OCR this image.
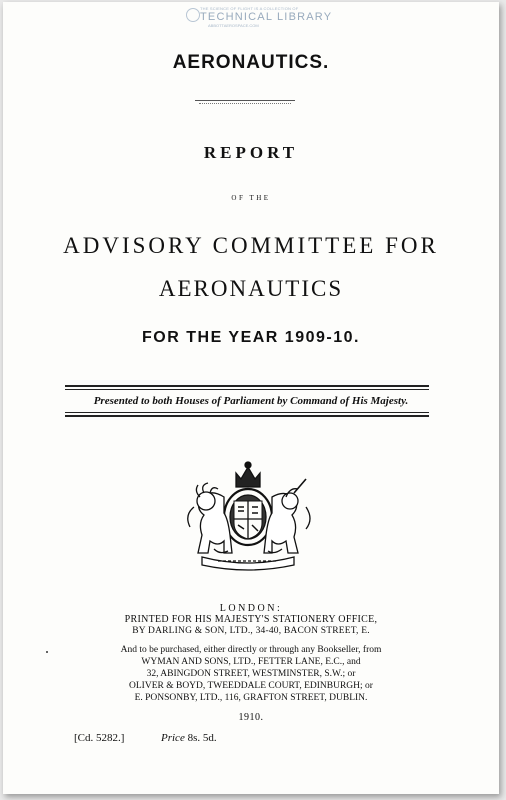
THE SCIENCE OF FLIGHT IS A COLLECTION OF
TECHNICAL LIBRARY
ABBOTTAEROSPACE.COM
AERONAUTICS.
REPORT
OF THE
ADVISORY COMMITTEE FOR
AERONAUTICS
FOR THE YEAR 1909-10.
Presented to both Houses of Parliament by Command of His Majesty.
LONDON:
PRINTED FOR HIS MAJESTY'S STATIONERY OFFICE,
BY DARLING & SON, LTD., 34-40, BACON STREET, E.
And to be purchased, either directly or through any Bookseller, from
WYMAN AND SONS, LTD., FETTER LANE, E.C., and
32, ABINGDON STREET, WESTMINSTER, S.W.; or
OLIVER & BOYD, TWEEDDALE COURT, EDINBURGH; or
E. PONSONBY, LTD., 116, GRAFTON STREET, DUBLIN.
1910.
[Cd. 5282.]	Price 8s. 5d.
